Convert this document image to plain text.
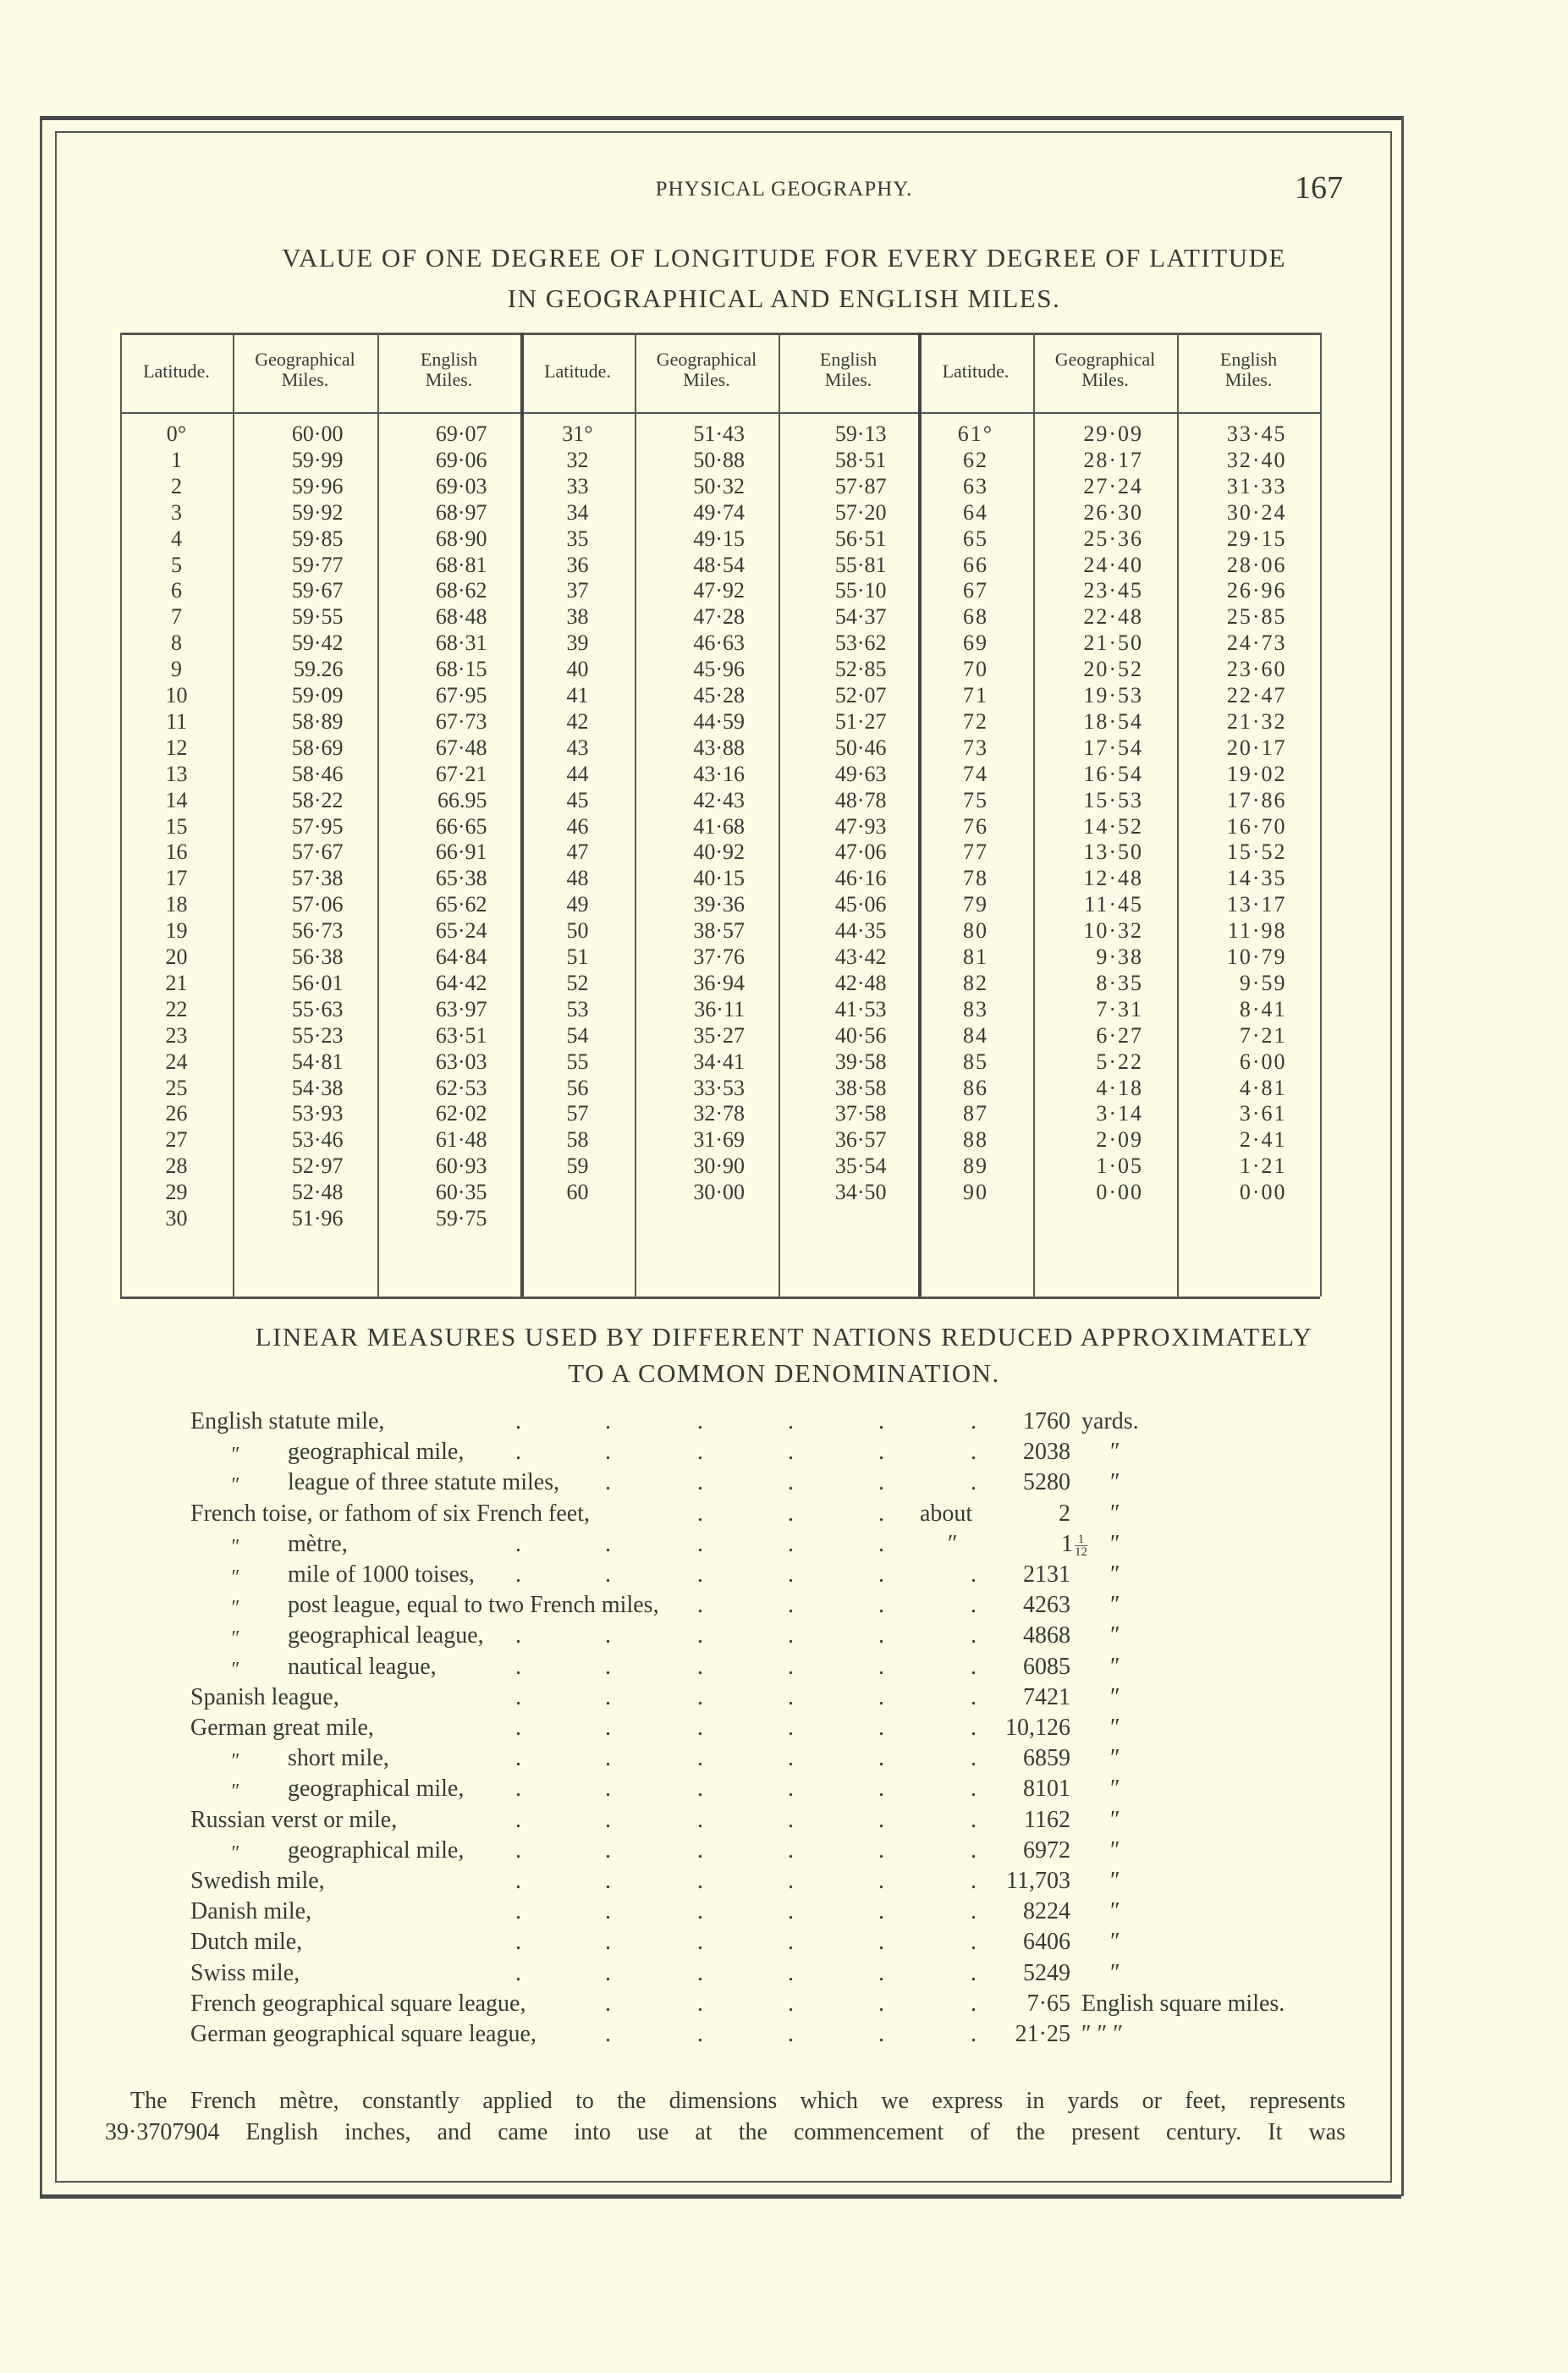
PHYSICAL GEOGRAPHY.	167
VALUE OF ONE DEGREE OF LONGITUDE FOR EVERY DEGREE OF LATITUDE
IN GEOGRAPHICAL AND ENGLISH MILES.
Latitude.
Geographical
Miles.
English
Miles.
0°	60·00	69·07
1	59·99	69·06
2	59·96	69·03
3	59·92	68·97
4	59·85	68·90
5	59·77	68·81
6	59·67	68·62
7	59·55	68·48
8	59·42	68·31
9	59.26	68·15
10	59·09	67·95
11	58·89	67·73
12	58·69	67·48
13	58·46	67·21
14	58·22	66.95
15	57·95	66·65
16	57·67	66·91
17	57·38	65·38
18	57·06	65·62
19	56·73	65·24
20	56·38	64·84
21	56·01	64·42
22	55·63	63·97
23	55·23	63·51
24	54·81	63·03
25	54·38	62·53
26	53·93	62·02
27	53·46	61·48
28	52·97	60·93
29	52·48	60·35
30	51·96	59·75
Latitude.
Geographical
Miles.
English
Miles.
31°	51·43	59·13
32	50·88	58·51
33	50·32	57·87
34	49·74	57·20
35	49·15	56·51
36	48·54	55·81
37	47·92	55·10
38	47·28	54·37
39	46·63	53·62
40	45·96	52·85
41	45·28	52·07
42	44·59	51·27
43	43·88	50·46
44	43·16	49·63
45	42·43	48·78
46	41·68	47·93
47	40·92	47·06
48	40·15	46·16
49	39·36	45·06
50	38·57	44·35
51	37·76	43·42
52	36·94	42·48
53	36·11	41·53
54	35·27	40·56
55	34·41	39·58
56	33·53	38·58
57	32·78	37·58
58	31·69	36·57
59	30·90	35·54
60	30·00	34·50
Latitude.
Geographical
Miles.
English
Miles.
61°	29·09	33·45
62	28·17	32·40
63	27·24	31·33
64	26·30	30·24
65	25·36	29·15
66	24·40	28·06
67	23·45	26·96
68	22·48	25·85
69	21·50	24·73
70	20·52	23·60
71	19·53	22·47
72	18·54	21·32
73	17·54	20·17
74	16·54	19·02
75	15·53	17·86
76	14·52	16·70
77	13·50	15·52
78	12·48	14·35
79	11·45	13·17
80	10·32	11·98
81	9·38	10·79
82	8·35	9·59
83	7·31	8·41
84	6·27	7·21
85	5·22	6·00
86	4·18	4·81
87	3·14	3·61
88	2·09	2·41
89	1·05	1·21
90	0·00	0·00
LINEAR MEASURES USED BY DIFFERENT NATIONS REDUCED APPROXIMATELY
TO A COMMON DENOMINATION.
English statute mile,	1760 yards.
.	.	.	.	.	.
″ geographical mile,	2038 ″
.	.	.	.	.	.
″ league of three statute miles,	5280 ″
.	.	.	.	.
French toise, or fathom of six French feet,	about	2 ″
.	.	.
″ mètre,	″	$1 \frac{1}{12}$ ″
.	.	.	.	.
″ mile of 1000 toises,	2131 ″
.	.	.	.	.	.
″ post league, equal to two French miles,	4263 ″
.	.	.	.
″ geographical league,	4868 ″
.	.	.	.	.	.
″ nautical league,	6085 ″
.	.	.	.	.	.
Spanish league,	7421 ″
.	.	.	.	.	.
German great mile,	10,126 ″
.	.	.	.	.	.
″ short mile,	6859 ″
.	.	.	.	.	.
″ geographical mile,	8101 ″
.	.	.	.	.	.
Russian verst or mile,	1162 ″
.	.	.	.	.	.
″ geographical mile,	6972 ″
.	.	.	.	.	.
Swedish mile,	11,703 ″
.	.	.	.	.	.
Danish mile,	8224 ″
.	.	.	.	.	.
Dutch mile,	6406 ″
.	.	.	.	.	.
Swiss mile,	5249 ″
.	.	.	.	.	.
French geographical square league,	7·65 English square miles.
.	.	.	.	.
German geographical square league,	21·25 ″ ″ ″
.	.	.	.	.
The French mètre, constantly applied to the dimensions which we express in yards or feet, represents
39·3707904 English inches, and came into use at the commencement of the present century. It was
